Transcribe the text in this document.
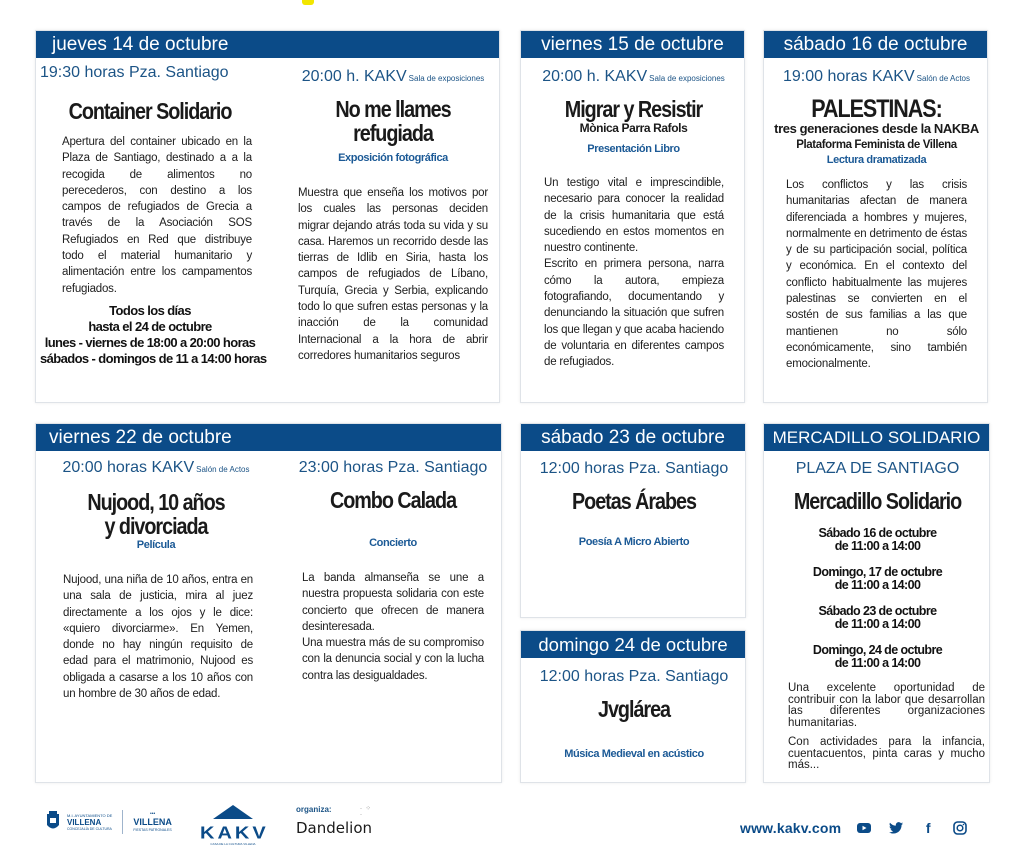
jueves 14 de octubre
19:30 horas Pza. Santiago
Container Solidario
Apertura del container ubicado en la Plaza de Santiago, destinado a a la recogida de alimentos no perecederos, con destino a los campos de refugiados de Grecia a través de la Asociación SOS Refugiados en Red que distribuye todo el material humanitario y alimentación entre los campamentos refugiados.
Todos los días
hasta el 24 de octubre
lunes - viernes de 18:00 a 20:00 horas
sábados - domingos de 11 a 14:00 horas
20:00 h. KAKV Sala de exposiciones
No me llames
refugiada
Exposición fotográfica
Muestra que enseña los motivos por los cuales las personas deciden migrar dejando atrás toda su vida y su casa. Haremos un recorrido desde las tierras de Idlib en Siria, hasta los campos de refugiados de Líbano, Turquía, Grecia y Serbia, explicando todo lo que sufren estas personas y la inacción de la comunidad Internacional a la hora de abrir corredores humanitarios seguros
viernes 15 de octubre
20:00 h. KAKV Sala de exposiciones
Migrar y Resistir
Mònica Parra Rafols
Presentación Libro
Un testigo vital e imprescindible, necesario para conocer la realidad de la crisis humanitaria que está sucediendo en estos momentos en nuestro continente.
Escrito en primera persona, narra cómo la autora, empieza fotografiando, documentando y denunciando la situación que sufren los que llegan y que acaba haciendo de voluntaria en diferentes campos de refugiados.
sábado 16 de octubre
19:00 horas KAKV Salón de Actos
PALESTINAS:
tres generaciones desde la NAKBA
Plataforma Feminista de Villena
Lectura dramatizada
Los conflictos y las crisis humanitarias afectan de manera diferenciada a hombres y mujeres, normalmente en detrimento de éstas y de su participación social, política y económica. En el contexto del conflicto habitualmente las mujeres palestinas se convierten en el sostén de sus familias a las que mantienen no sólo económicamente, sino también emocionalmente.
viernes 22 de octubre
20:00 horas KAKV Salón de Actos
Nujood, 10 años
y divorciada
Película
Nujood, una niña de 10 años, entra en una sala de justicia, mira al juez directamente a los ojos y le dice: «quiero divorciarme». En Yemen, donde no hay ningún requisito de edad para el matrimonio, Nujood es obligada a casarse a los 10 años con un hombre de 30 años de edad.
23:00 horas Pza. Santiago
Combo Calada
Concierto
La banda almanseña se une a nuestra propuesta solidaria con este concierto que ofrecen de manera desinteresada.
Una muestra más de su compromiso con la denuncia social y con la lucha contra las desigualdades.
sábado 23 de octubre
12:00 horas Pza. Santiago
Poetas Árabes
Poesía A Micro Abierto
domingo 24 de octubre
12:00 horas Pza. Santiago
Jvglárea
Música Medieval en acústico
MERCADILLO SOLIDARIO
PLAZA DE SANTIAGO
Mercadillo Solidario
Sábado 16 de octubre
de 11:00 a 14:00
Domingo, 17 de octubre
de 11:00 a 14:00
Sábado 23 de octubre
de 11:00 a 14:00
Domingo, 24 de octubre
de 11:00 a 14:00
Una excelente oportunidad de contribuir con la labor que desarrollan las diferentes organizaciones humanitarias.
Con actividades para la infancia, cuentacuentos, pinta caras y mucho más...
M.I. AYUNTAMIENTO DE
VILLENA
CONCEJALÍA DE CULTURA
•••
VILLENA
FIESTAS PATRONALES KAKV
CASA DE LA CULTURA VILLENA
organiza:
Dandelion
· ⁘ ·
www.kakv.com	f
